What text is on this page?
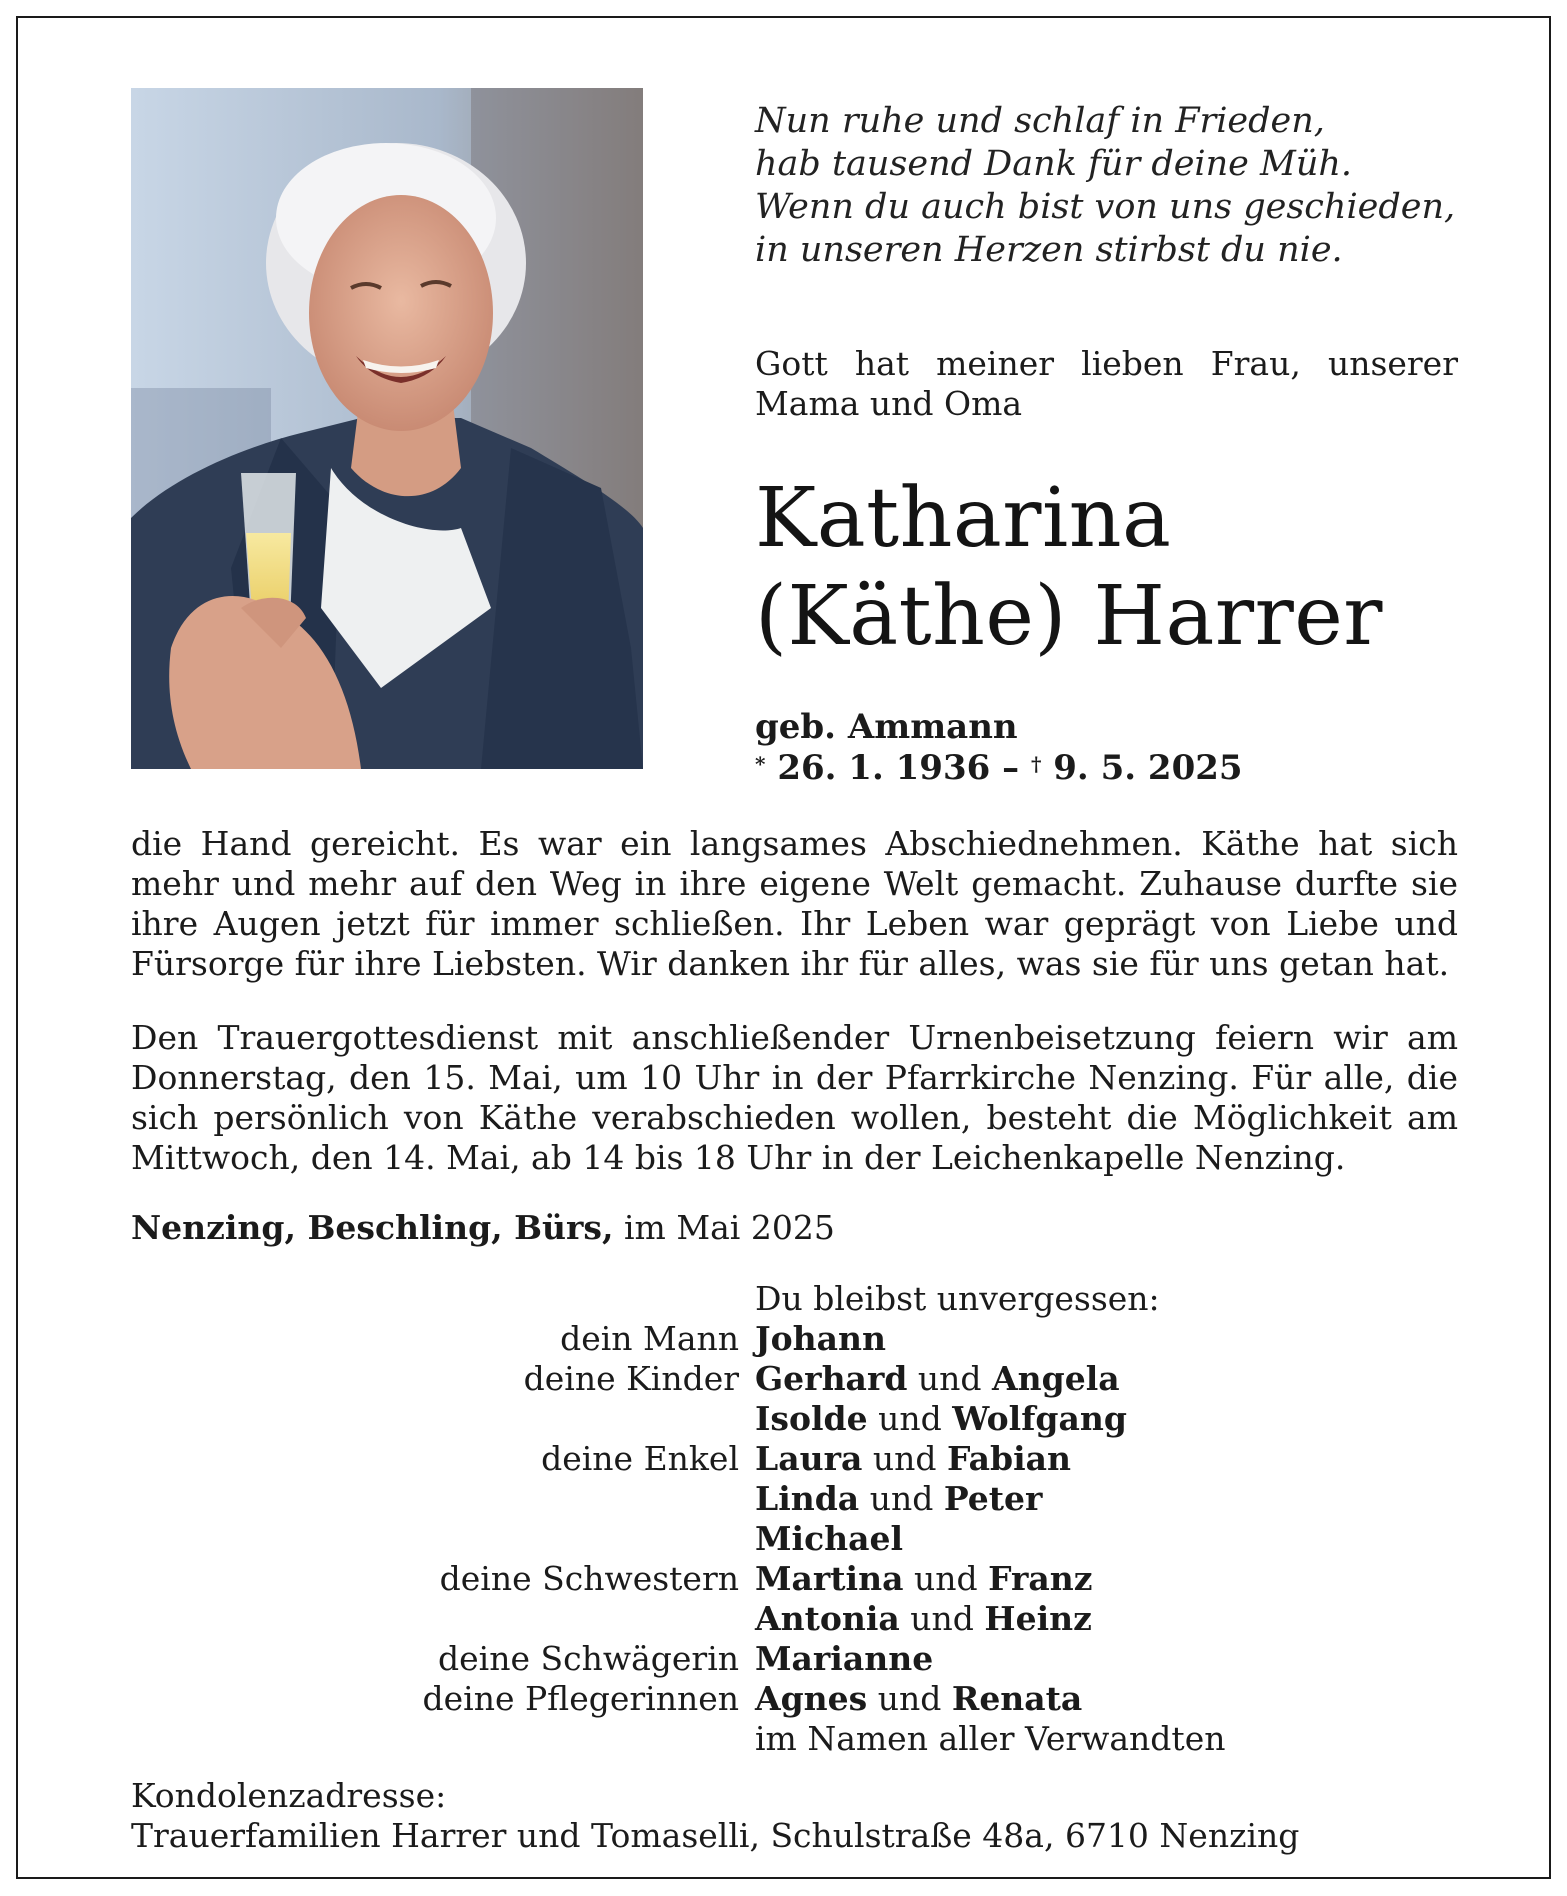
Nun ruhe und schlaf in Frieden,
hab tausend Dank für deine Müh.
Wenn du auch bist von uns geschieden,
in unseren Herzen stirbst du nie.
Gott hat meiner lieben Frau, unserer Mama und Oma
Katharina
(Käthe) Harrer
geb. Ammann
* 26. 1. 1936 – † 9. 5. 2025
die Hand gereicht. Es war ein langsames Abschiednehmen. Käthe hat sich mehr und mehr auf den Weg in ihre eigene Welt gemacht. Zuhause durfte sie ihre Augen jetzt für immer schließen. Ihr Leben war geprägt von Liebe und Fürsorge für ihre Liebsten. Wir danken ihr für alles, was sie für uns getan hat.
Den Trauergottesdienst mit anschließender Urnenbeisetzung feiern wir am Donnerstag, den 15. Mai, um 10 Uhr in der Pfarrkirche Nenzing. Für alle, die sich persönlich von Käthe verabschieden wollen, besteht die Möglichkeit am Mittwoch, den 14. Mai, ab 14 bis 18 Uhr in der Leichenkapelle Nenzing.
Nenzing, Beschling, Bürs, im Mai 2025
Du bleibst unvergessen:
dein Mann Johann
deine Kinder Gerhard und Angela
Isolde und Wolfgang
deine Enkel Laura und Fabian
Linda und Peter
Michael
deine Schwestern Martina und Franz
Antonia und Heinz
deine Schwägerin Marianne
deine Pflegerinnen Agnes und Renata
im Namen aller Verwandten
Kondolenzadresse:
Trauerfamilien Harrer und Tomaselli, Schulstraße 48a, 6710 Nenzing
